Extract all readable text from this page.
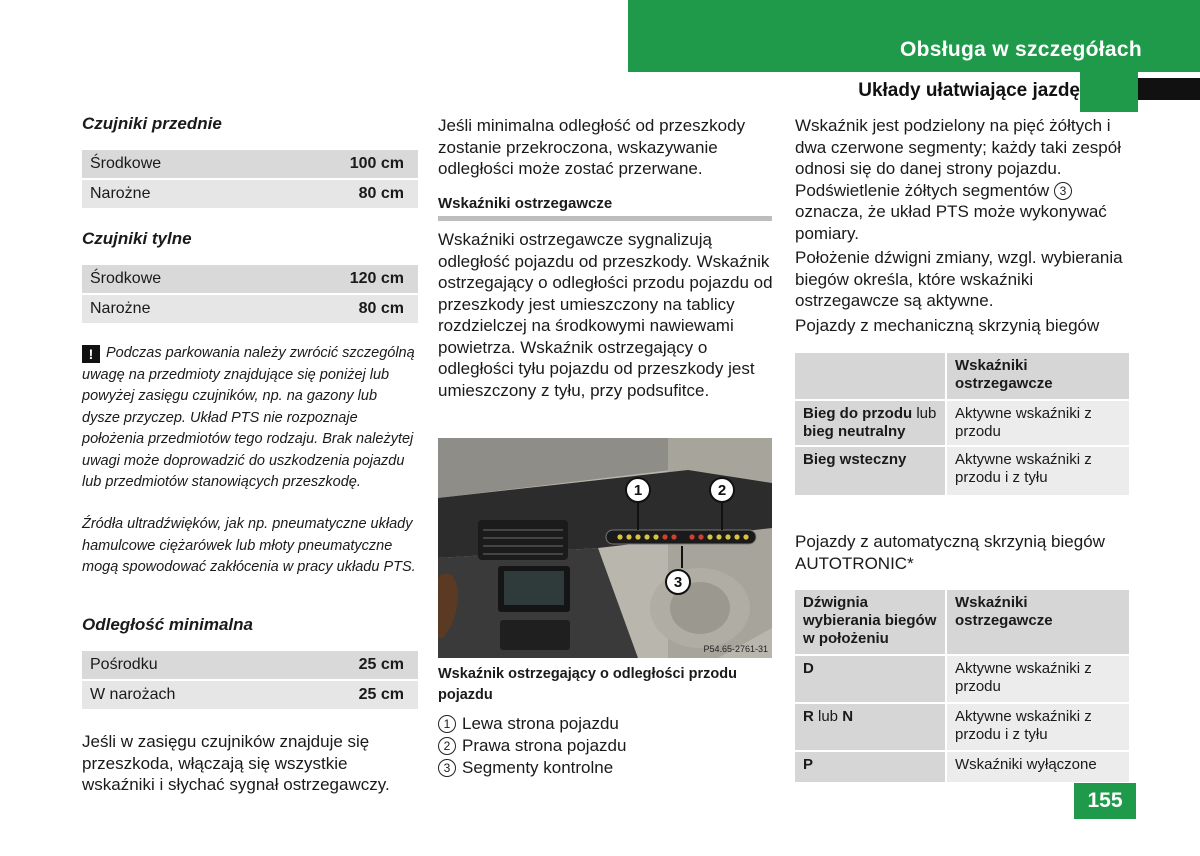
Obsługa w szczegółach
Układy ułatwiające jazdę
Czujniki przednie
Środkowe	100 cm
Narożne	80 cm
Czujniki tylne
Środkowe	120 cm
Narożne	80 cm
! Podczas parkowania należy zwrócić szczególną uwagę na przedmioty znajdujące się poniżej lub powyżej zasięgu czujników, np. na gazony lub dysze przyczep. Układ PTS nie rozpoznaje położenia przedmiotów tego rodzaju. Brak należytej uwagi może doprowadzić do uszkodzenia pojazdu lub przedmiotów stanowiących przeszkodę.
Źródła ultradźwięków, jak np. pneumatyczne układy hamulcowe ciężarówek lub młoty pneumatyczne mogą spowodować zakłócenia w pracy układu PTS.
Odległość minimalna
Pośrodku	25 cm
W narożach	25 cm
Jeśli w zasięgu czujników znajduje się przeszkoda, włączają się wszystkie wskaźniki i słychać sygnał ostrzegawczy.
Jeśli minimalna odległość od przeszkody zostanie przekroczona, wskazywanie odległości może zostać przerwane.
Wskaźniki ostrzegawcze
Wskaźniki ostrzegawcze sygnalizują odległość pojazdu od przeszkody. Wskaźnik ostrzegający o odległości przodu pojazdu od przeszkody jest umieszczony na tablicy rozdzielczej na środkowymi nawiewami powietrza. Wskaźnik ostrzegający o odległości tyłu pojazdu od przeszkody jest umieszczony z tyłu, przy podsufitce.
1	2
3
P54.65-2761-31
Wskaźnik ostrzegający o odległości przodu pojazdu
1 Lewa strona pojazdu
2 Prawa strona pojazdu
3 Segmenty kontrolne
Wskaźnik jest podzielony na pięć żółtych i dwa czerwone segmenty; każdy taki zespół odnosi się do danej strony pojazdu. Podświetlenie żółtych segmentów 3oznacza, że układ PTS może wykonywać pomiary.
Położenie dźwigni zmiany, wzgl. wybierania biegów określa, które wskaźniki ostrzegawcze są aktywne.
Pojazdy z mechaniczną skrzynią biegów
	Wskaźniki ostrzegawcze
Bieg do przodu lub bieg neutralny	Aktywne wskaźniki z przodu
Bieg wsteczny	Aktywne wskaźniki z przodu i z tyłu
Pojazdy z automatyczną skrzynią biegów AUTOTRONIC*
Dźwignia wybierania biegów w położeniu	Wskaźniki ostrzegawcze
D	Aktywne wskaźniki z przodu
R lub N	Aktywne wskaźniki z przodu i z tyłu
P	Wskaźniki wyłączone
155
